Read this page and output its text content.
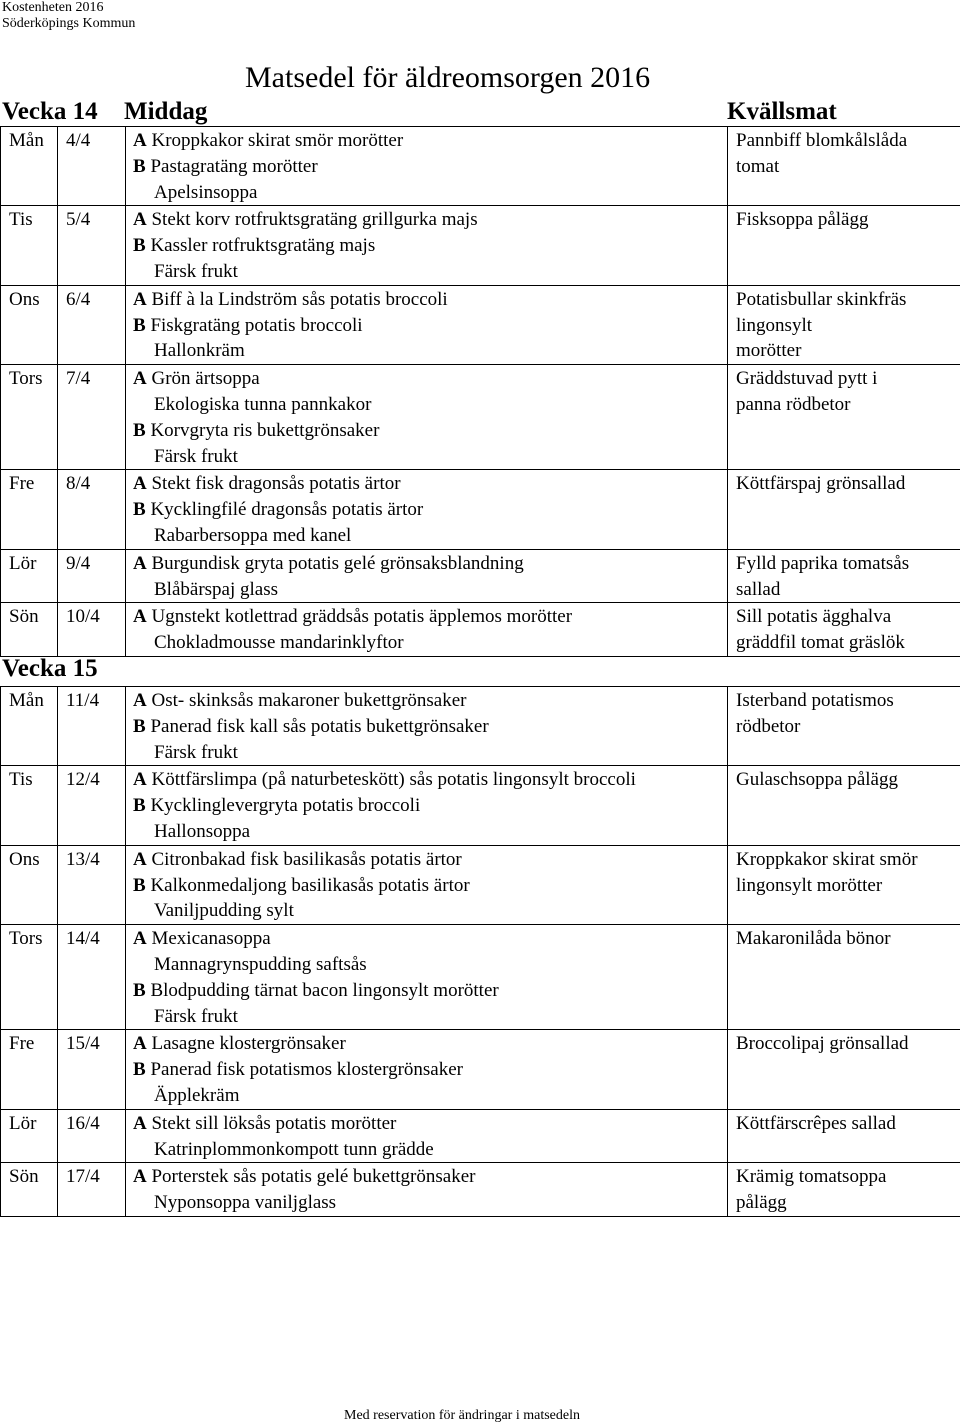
Kostenheten 2016
Söderköpings Kommun
Matsedel för äldreomsorgen 2016
Vecka 14 Middag	Kvällsmat
Mån	4/4	A Kroppkakor skirat smör morötter
B Pastagratäng morötter
Apelsinsoppa	Pannbiff blomkålslåda
tomat

Tis	5/4	A Stekt korv rotfruktsgratäng grillgurka majs
B Kassler rotfruktsgratäng majs
Färsk frukt	Fisksoppa pålägg

Ons	6/4	A Biff à la Lindström sås potatis broccoli
B Fiskgratäng potatis broccoli
Hallonkräm	Potatisbullar skinkfräs
lingonsylt
morötter

Tors	7/4	A Grön ärtsoppa
Ekologiska tunna pannkakor
B Korvgryta ris bukettgrönsaker
Färsk frukt	Gräddstuvad pytt i
panna rödbetor

Fre	8/4	A Stekt fisk dragonsås potatis ärtor
B Kycklingfilé dragonsås potatis ärtor
Rabarbersoppa med kanel	Köttfärspaj grönsallad

Lör	9/4	A Burgundisk gryta potatis gelé grönsaksblandning
Blåbärspaj glass	Fylld paprika tomatsås
sallad

Sön	10/4	A Ugnstekt kotlettrad gräddsås potatis äpplemos morötter
Chokladmousse mandarinklyftor	Sill potatis ägghalva
gräddfil tomat gräslök
Vecka 15
Mån	11/4	A Ost- skinksås makaroner bukettgrönsaker
B Panerad fisk kall sås potatis bukettgrönsaker
Färsk frukt	Isterband potatismos
rödbetor

Tis	12/4	A Köttfärslimpa (på naturbeteskött) sås potatis lingonsylt broccoli
B Kycklinglevergryta potatis broccoli
Hallonsoppa	Gulaschsoppa pålägg

Ons	13/4	A Citronbakad fisk basilikasås potatis ärtor
B Kalkonmedaljong basilikasås potatis ärtor
Vaniljpudding sylt	Kroppkakor skirat smör
lingonsylt morötter

Tors	14/4	A Mexicanasoppa
Mannagrynspudding saftsås
B Blodpudding tärnat bacon lingonsylt morötter
Färsk frukt	Makaronilåda bönor

Fre	15/4	A Lasagne klostergrönsaker
B Panerad fisk potatismos klostergrönsaker
Äpplekräm	Broccolipaj grönsallad

Lör	16/4	A Stekt sill löksås potatis morötter
Katrinplommonkompott tunn grädde	Köttfärscrêpes sallad

Sön	17/4	A Porterstek sås potatis gelé bukettgrönsaker
Nyponsoppa vaniljglass	Krämig tomatsoppa
pålägg
Med reservation för ändringar i matsedeln
